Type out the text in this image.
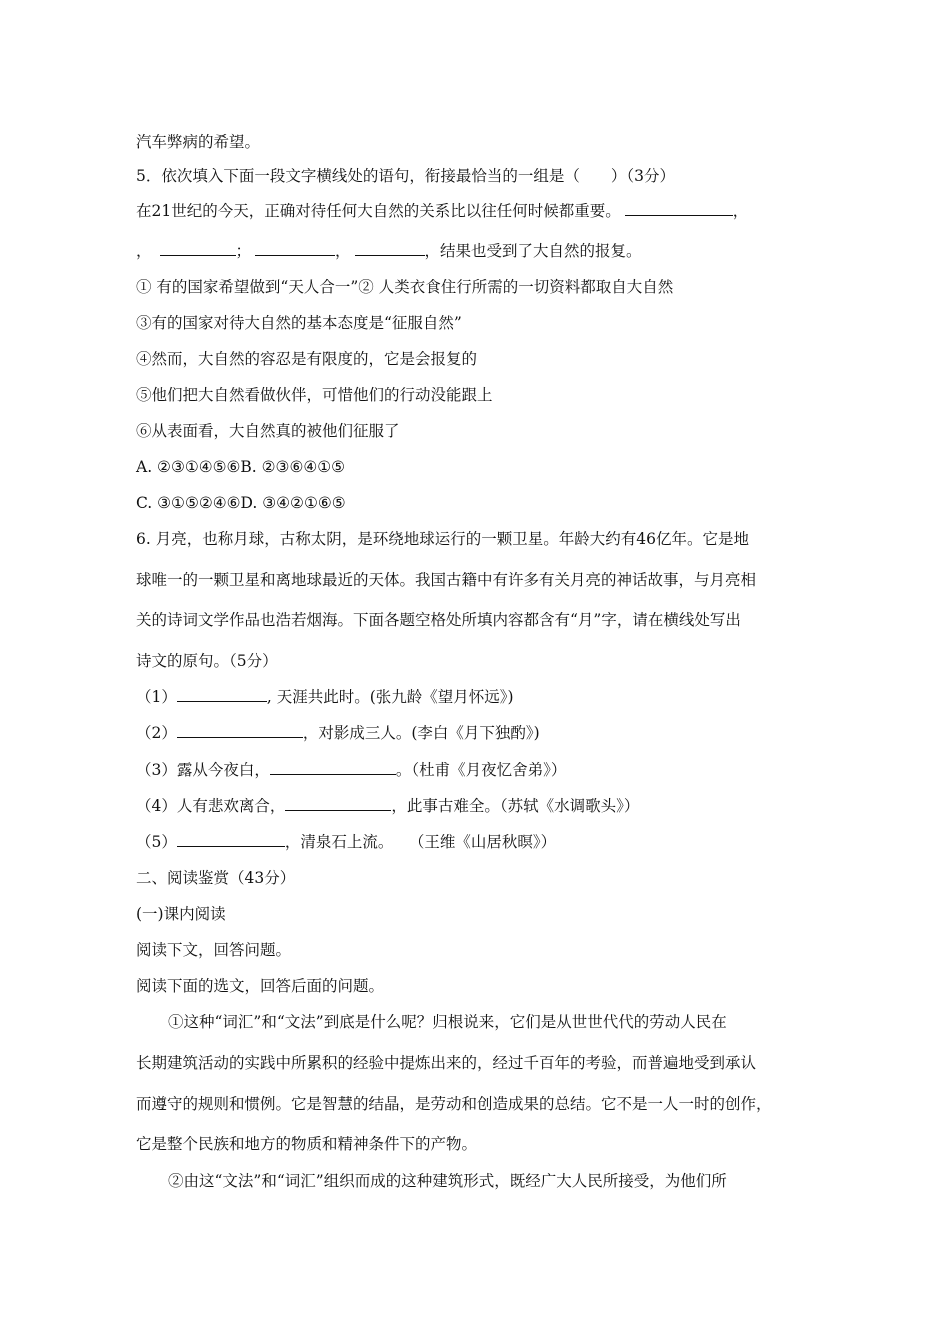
汽车弊病的希望。
5．依次填入下面一段文字横线处的语句，衔接最恰当的一组是（　　）（3分）
在21世纪的今天，正确对待任何大自然的关系比以往任何时候都重要。	，
，	；	，	，结果也受到了大自然的报复。
① 有的国家希望做到“天人合一”② 人类衣食住行所需的一切资料都取自大自然
③有的国家对待大自然的基本态度是“征服自然”
④然而，大自然的容忍是有限度的，它是会报复的
⑤他们把大自然看做伙伴，可惜他们的行动没能跟上
⑥从表面看，大自然真的被他们征服了
A. ②③①④⑤⑥B. ②③⑥④①⑤
C. ③①⑤②④⑥D. ③④②①⑥⑤
6. 月亮，也称月球，古称太阴，是环绕地球运行的一颗卫星。年龄大约有46亿年。它是地
球唯一的一颗卫星和离地球最近的天体。我国古籍中有许多有关月亮的神话故事，与月亮相
关的诗词文学作品也浩若烟海。下面各题空格处所填内容都含有“月”字，请在横线处写出
诗文的原句。（5分）
（1）	, 天涯共此时。(张九龄《望月怀远》)
（2）	，对影成三人。(李白《月下独酌》)
（3）露从今夜白，	。（杜甫《月夜忆舍弟》）
（4）人有悲欢离合，	，此事古难全。（苏轼《水调歌头》）
（5）	，清泉石上流。　　（王维《山居秋暝》）
二、阅读鉴赏（43分）
(一)课内阅读
阅读下文，回答问题。
阅读下面的选文，回答后面的问题。
①这种“词汇”和“文法”到底是什么呢？归根说来，它们是从世世代代的劳动人民在
长期建筑活动的实践中所累积的经验中提炼出来的，经过千百年的考验，而普遍地受到承认
而遵守的规则和惯例。它是智慧的结晶，是劳动和创造成果的总结。它不是一人一时的创作，
它是整个民族和地方的物质和精神条件下的产物。
②由这“文法”和“词汇”组织而成的这种建筑形式，既经广大人民所接受，为他们所
